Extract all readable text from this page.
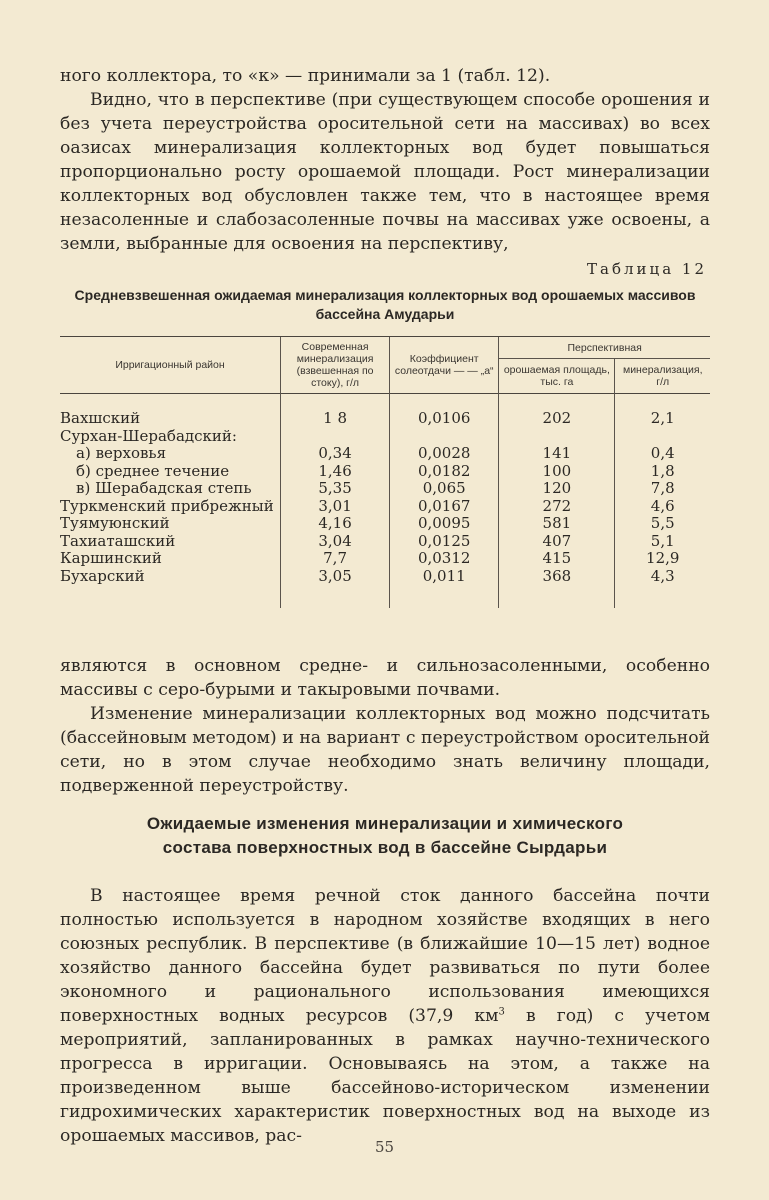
ного коллектора, то «к» — принимали за 1 (табл. 12).

Видно, что в перспективе (при существующем способе орошения и без учета переустройства оросительной сети на массивах) во всех оазисах минерализация коллекторных вод будет повышаться пропорционально росту орошаемой площади. Рост минерализации коллекторных вод обусловлен также тем, что в настоящее время незасоленные и слабозасоленные почвы на массивах уже освоены, а земли, выбранные для освоения на перспективу,

Таблица 12
Средневзвешенная ожидаемая минерализация коллекторных вод орошаемых массивов бассейна Амударьи
Ирригационный район	Современная минерализация (взвешенная по стоку), г/л	Коэффициент солеотдачи — — „а“	Перспективная	
			орошаемая площадь, тыс. га	минерализация, г/л

Вахшский	1 8	0,0106	202	2,1
Сурхан-Шерабадский:				
а) верховья	0,34	0,0028	141	0,4
б) среднее течение	1,46	0,0182	100	1,8
в) Шерабадская степь	5,35	0,065	120	7,8
Туркменский прибрежный	3,01	0,0167	272	4,6
Туямуюнский	4,16	0,0095	581	5,5
Тахиаташский	3,04	0,0125	407	5,1
Каршинский	7,7	0,0312	415	12,9
Бухарский	3,05	0,011	368	4,3

являются в основном средне- и сильнозасоленными, особенно массивы с серо-бурыми и такыровыми почвами.

Изменение минерализации коллекторных вод можно подсчитать (бассейновым методом) и на вариант с переустройством оросительной сети, но в этом случае необходимо знать величину площади, подверженной переустройству.

Ожидаемые изменения минерализации и химического
состава поверхностных вод в бассейне Сырдарьи

В настоящее время речной сток данного бассейна почти полностью используется в народном хозяйстве входящих в него союзных республик. В перспективе (в ближайшие 10—15 лет) водное хозяйство данного бассейна будет развиваться по пути более экономного и рационального использования имеющихся поверхностных водных ресурсов (37,9 $км^3$ в год) с учетом мероприятий, запланированных в рамках научно-технического прогресса в ирригации. Основываясь на этом, а также на произведенном выше бассейново-историческом изменении гидрохимических характеристик поверхностных вод на выходе из орошаемых массивов, рас-

55
